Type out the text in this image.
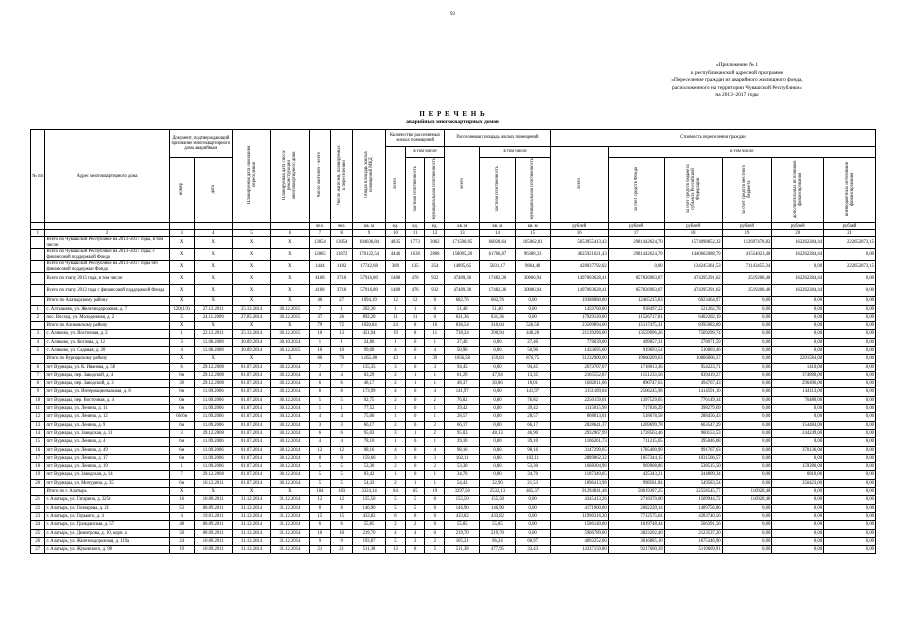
93
«Приложение № 1
к республиканской адресной программе
«Переселение граждан из аварийного жилищного фонда,
расположенного на территории Чувашской Республики»
на 2013–2017 годы
П Е Р Е Ч Е Н Ь
аварийных многоквартирных домов
№ пп	Адрес многоквартирного дома	Документ, подтверждающий признание многоквартирного дома аварийным		Планируемая дата окончания переселения	Планируемая дата сноса/реконструкции многоквартирного дома	Число жителей – всего	Число жителей, планируемых к переселению	Общая площадь жилых помещений МКД	Количество расселяемых жилых помещений			Расселяемая площадь жилых помещений			Стоимость переселения граждан					
									всего	в том числе		всего	в том числе		всего	в том числе				
		номер	дата							частная собственность	муниципальная собственность		частная собственность	муниципальная собственность		за счет средств Фонда	за счет средств бюджета субъекта Российской Федерации	за счет средств местного бюджета	дополнительных источников финансирования	внебюджетных источников финансирования
						чел.	чел.	кв. м	ед.	ед.	ед.	кв. м	кв. м	кв. м	рублей	рублей	рублей	рублей	рублей	рублей
1	2	3	4	5	6	7	8	9	10	11	12	13	14	15	16	17	18	19	20	21
	Всего по Чувашской Республике на 2013–2017 годы, в том числе:	X	X	X	X	13054	13054	184036,84	4835	1773	3062	171590,85	66828,64	105062,81	5053955413,43	2981442624,70	1574098852,32	112697478,82	162262284,44	222652073,15
	Всего по Чувашской Республике на 2013–2017 годы, с финансовой поддержкой Фонда	X	X	X	X	12065	11872	170122,54	4446	1638	2808	158095,20	61706,87	96388,33	4625921621,43	2981442624,70	1440662088,79	41554023,48	162262284,44	0,00
	Всего по Чувашской Республике на 2013–2017 годы без финансовой поддержки Фонда	X	X	X	X	1444	1182	17742,68	389	135	254	14895,65	5031,17	9864,48	428037792,02	0,00	134245361,53	71143455,34	0,00	222652073,15
	Всего по этапу 2013 года, в том числе:	X	X	X	X	4108	3718	57916,80	1488	476	932	47489,30	17482,36	30006,94	1497003628,41	857826983,87	474395391,62	2519208,48	162262284,44	0,00
	Всего по этапу 2013 года с финансовой поддержкой Фонда	X	X	X	X	4108	3718	57916,80	1488	476	932	47489,30	17482,36	30006,94	1497003628,41	857826983,87	474395391,62	2519208,48	162262284,44	0,00
	Итого по Алатырскому району	X	X	X	X	46	27	1094,19	12	12	0	682,76	682,76	0,00	19388880,00	12465215,83	6923464,97	0,00	0,00	0,00
1	с. Алтышево, ул. Железнодорожная, д. 7	120(1/3)	27.12.2011	25.12.2014	30.12.2015	7	1	202,30	1	1	0	51,40	51,40	0,00	1459760,00	938497,22	521262,78	0,00	0,00	0,00
2	пос. Восход, ул. Молодежная, д. 2	5	24.11.2009	27.05.2014	30.12.2015	37	26	892,20	11	11	0	631,36	631,36	0,00	17929120,00	11526717,81	6402202,19	0,00	0,00	0,00
	Итого по Аликовскому району	X	X	X	X	79	72	1020,84	24	8	16	836,54	310,04	526,50	23509894,00	15117475,31	8395083,89	0,00	0,00	0,00
3	с. Аликово, ул. Восточная, д. 2	1	22.12.2011	25.12.2014	30.12.2015	18	13	451,94	19	8	11	738,24	290,94	448,20	21139296,00	13559996,26	7569299,74	0,00	0,00	0,00
4	с. Аликово, ул. Котлова, д. 12	3	11.08.2008	30.09.2014	30.10.2014	1	1	34,80	1	0	1	27,40	0,00	27,40	778039,00	499057,31	278971,59	0,00	0,00	0,00
5	с. Аликово, ул. Садовая, д. 20	4	11.08.2008	30.09.2014	30.12.2015	10	10	99,00	4	0	4	50,90	0,00	50,90	1433695,00	919693,54	510003,46	0,00	0,00	0,00
	Итого по Вурнарскому району	X	X	X	X	86	79	1.855,00	43	4	39	1056,58	159,83	876,75	31232900,00	19660209,63	10066806,37	0,00	2201584,00	0,00
6	пгт Вурнары, ул. К. Иванова, д. 5б	6	29.12.2008	01.07.2014	30.12.2014	7	7	155,35	3	0	3	94,45	0,00	94,45	2673707,07	1718013,36	954223,71	0,00	1410,00	0,00
7	пгт Вурнары, пер. Заводской, д. 4	6н	29.12.2008	01.07.2014	30.12.2014	4	4	63,29	2	1	1	61,29	47,94	13,35	2165552,87	1151233,56	639419,27	0,00	374890,00	0,00
8	пгт Вурнары, пер. Заводский, д. 3	39	29.12.2008	01.07.2014	30.12.2014	6	6	48,17	2	1	1	48,37	30,86	18,01	1682011,06	890747,63	494767,43	0,00	296496,00	0,00
9	пгт Вурнары, ул. Интернациональная, д. 8	6н	11.09.2006	01.07.2014	30.12.2014	8	8	173,99	4	0	4	141,97	0,00	141,97	3151109,04	2506245,98	1414591,10	0,00	134113,00	0,00
10	пгт Вурнары, пер. Восточная, д. 4	6н	11.09.2006	01.07.2014	30.12.2014	5	5	92,75	2	0	2	76,82	0,00	76,82	2250159,01	1397529,05	776149,34	0,00	76480,00	0,00
11	пгт Вурнары, ул. Ленина, д. 11	6н	11.09.2006	01.07.2014	30.12.2014	1	1	77,52	1	0	1	39,42	0,00	39,42	1115015,98	717036,29	398279,69	0,00	0,00	0,00
12	пгт Вурнары, ул. Ленина, д. 12	66/6н	11.09.2006	01.07.2014	30.12.2014	4	4	75,06	1	0	1	28,57	0,00	28,57	808013,01	518678,58	288456,43	0,00	0,00	0,00
13	пгт Вурнары, ул. Ленина, д. 9	6н	11.09.2006	01.07.2014	30.12.2014	3	3	66,17	2	0	2	66,17	0,00	66,17	2028641,37	1269699,78	663547,29	0,00	154484,00	0,00
14	пгт Вурнары, ул. Заводская, д. 11	3	29.12.2008	01.07.2014	30.12.2014	6	6	95,03	3	1	2	95,03	48,13	46,90	2932967,99	1728563,46	960153,53	0,00	244249,00	0,00
15	пгт Вурнары, ул. Ленина, д. 4	6н	11.09.2006	01.07.2014	30.12.2014	4	4	78,10	1	0	1	39,10	0,00	39,10	1106261,73	711215,05	395046,08	0,00	0,00	0,00
16	пгт Вурнары, ул. Ленина, д. 49	6н	11.09.2006	01.07.2014	30.12.2014	12	12	98,16	4	0	4	98,16	0,00	98,16	3147299,65	1785400,99	991767,63	0,00	370136,00	0,00
17	пгт Вурнары, ул. Ленина, д. 17	6н	11.09.2006	01.07.2014	30.12.2014	8	8	159,66	3	0	3	102,11	0,00	102,11	2889062,32	1857344,15	1031566,57	0,00	0,00	0,00
18	пгт Вурнары, ул. Ленина, д. 19	1	11.09.2006	01.07.2014	30.12.2014	5	5	53,30	2	0	2	53,30	0,00	53,30	1668304,96	969908,86	538515,50	0,00	159280,00	0,00
19	пгт Вурнары, ул. Заводская, д. 14	7	29.12.2008	01.07.2014	30.12.2014	5	5	83,42	1	0	1	34,70	0,00	34,70	1187340,05	425343,21	244809,34	0,00	6810,00	0,00
20	пгт Вурнары, ул. Мичурина, д. 35	6н	16.12.2011	01.07.2014	30.12.2014	5	5	54,43	2	1	1	54,43	32,90	21,53	1896413,98	998581,84	549583,54	0,00	356423,00	0,00
	Итого по г. Алатырь	X	X	X	X	184	183	3324,14	84	65	19	3297,50	2532,13	465,37	91294841,48	58619387,25	32558545,77	116928,48	0,00	0,00
21	г. Алатырь, ул. Гагарина, д. 325г	16	10.08.2011	31.12.2014	31.12.2014	12	12	155,50	5	5	0	155,50	155,50	0,00	4345413,26	2718370,00	1509944,72	116928,48	0,00	0,00
22	г. Алатырь, ул. Гончарова, д. 21	53	08.09.2011	31.12.2014	31.12.2014	8	8	146,90	5	5	0	146,90	146,90	0,00	4171960,00	2682220,14	1489756,86	0,00	0,00	0,00
23	г. Алатырь, ул. Горького, д. 4	4	19.01.2011	31.12.2014	31.12.2014	15	15	433,82	8	8	0	433,82	433,82	0,00	11996316,20	7712575,64	4283740,56	0,00	0,00	0,00
24	г. Алатырь, ул. Гражданская, д. 57	48	08.09.2011	31.12.2014	31.12.2014	6	6	55,85	2	2	0	55,85	55,85	0,00	1586140,00	1019748,44	566391,56	0,00	0,00	0,00
25	г. Алатырь, ул. Димитрова, д. 10, корп. а	50	08.09.2011	31.12.2014	31.12.2014	10	10	219,70	4	4	0	219,70	219,70	0,00	5966789,00	3823202,40	2123537,20	0,00	0,00	0,00
26	г. Алатырь, ул. Железнодорожная, д. 119а	24	10.08.2011	31.12.2014	31.12.2014	9	9	193,87	5	3	2	165,21	96,24	68,97	4692252,00	3016885,10	1675346,90	0,00	0,00	0,00
27	г. Алатырь, ул. Жуковского, д. 98	19	10.09.2011	31.12.2014	31.12.2014	21	21	511,38	13	8	5	511,38	477,95	33,43	14337159,80	9217600,39	5119669,91	0,00	0,00	0,00
